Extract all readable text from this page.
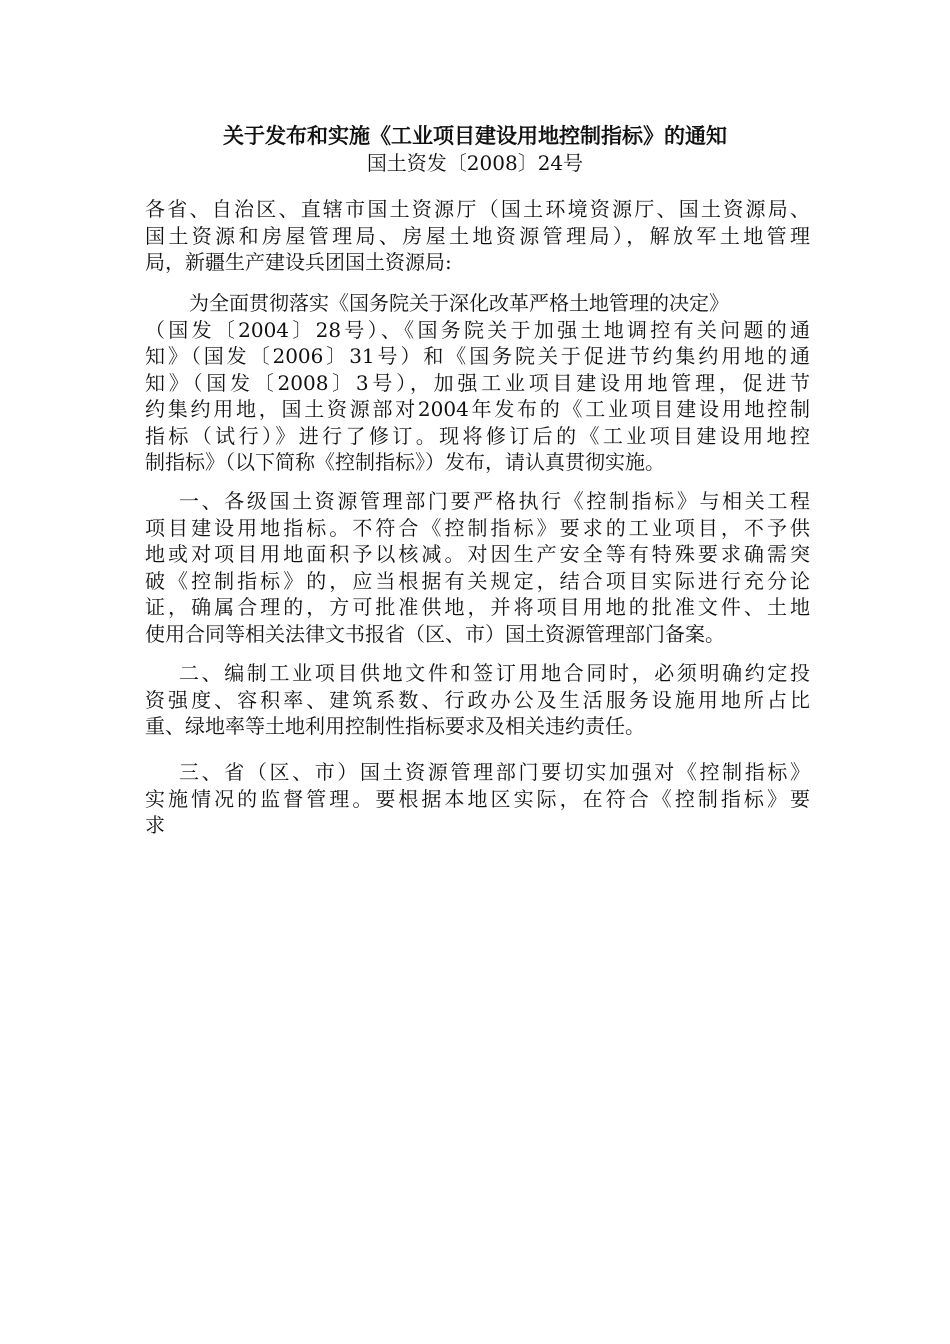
关于发布和实施《工业项目建设用地控制指标》的通知
国土资发〔2008〕24号
各省、自治区、直辖市国土资源厅（国土环境资源厅、国土资源局、
国土资源和房屋管理局、房屋土地资源管理局），解放军土地管理
局，新疆生产建设兵团国土资源局:
为全面贯彻落实《国务院关于深化改革严格土地管理的决定》
（国发〔2004〕28号）、《国务院关于加强土地调控有关问题的通
知》（国发〔2006〕31号）和《国务院关于促进节约集约用地的通
知》（国发〔2008〕3号），加强工业项目建设用地管理，促进节
约集约用地，国土资源部对2004年发布的《工业项目建设用地控制
指标（试行）》进行了修订。现将修订后的《工业项目建设用地控
制指标》（以下简称《控制指标》）发布，请认真贯彻实施。
一、各级国土资源管理部门要严格执行《控制指标》与相关工程
项目建设用地指标。不符合《控制指标》要求的工业项目，不予供
地或对项目用地面积予以核减。对因生产安全等有特殊要求确需突
破《控制指标》的，应当根据有关规定，结合项目实际进行充分论
证，确属合理的，方可批准供地，并将项目用地的批准文件、土地
使用合同等相关法律文书报省（区、市）国土资源管理部门备案。
二、编制工业项目供地文件和签订用地合同时，必须明确约定投
资强度、容积率、建筑系数、行政办公及生活服务设施用地所占比
重、绿地率等土地利用控制性指标要求及相关违约责任。
三、省（区、市）国土资源管理部门要切实加强对《控制指标》
实施情况的监督管理。要根据本地区实际，在符合《控制指标》要
求
